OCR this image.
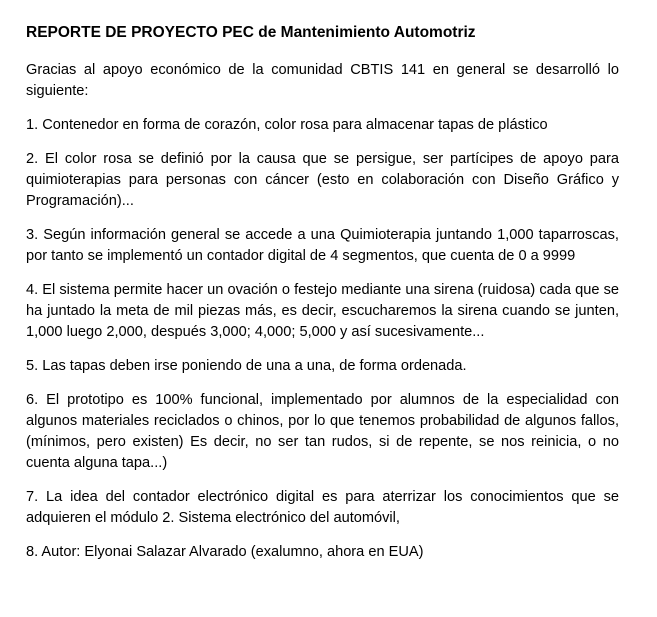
REPORTE DE PROYECTO PEC de Mantenimiento Automotriz

Gracias al apoyo económico de la comunidad CBTIS 141 en general se desarrolló lo siguiente:

1. Contenedor en forma de corazón, color rosa para almacenar tapas de plástico

2. El color rosa se definió por la causa que se persigue, ser partícipes de apoyo para quimioterapias para personas con cáncer (esto en colaboración con Diseño Gráfico y Programación)...

3. Según información general se accede a una Quimioterapia juntando 1,000 taparroscas, por tanto se implementó un contador digital de 4 segmentos, que cuenta de 0 a 9999

4. El sistema permite hacer un ovación o festejo mediante una sirena (ruidosa) cada que se ha juntado la meta de mil piezas más, es decir, escucharemos la sirena cuando se junten, 1,000 luego 2,000, después 3,000; 4,000; 5,000 y así sucesivamente...

5. Las tapas deben irse poniendo de una a una, de forma ordenada.

6. El prototipo es 100% funcional, implementado por alumnos de la especialidad con algunos materiales reciclados o chinos, por lo que tenemos probabilidad de algunos fallos, (mínimos, pero existen) Es decir, no ser tan rudos, si de repente, se nos reinicia, o no cuenta alguna tapa...)

7. La idea del contador electrónico digital es para aterrizar los conocimientos que se adquieren el módulo 2. Sistema electrónico del automóvil,

8. Autor: Elyonai Salazar Alvarado (exalumno, ahora en EUA)
